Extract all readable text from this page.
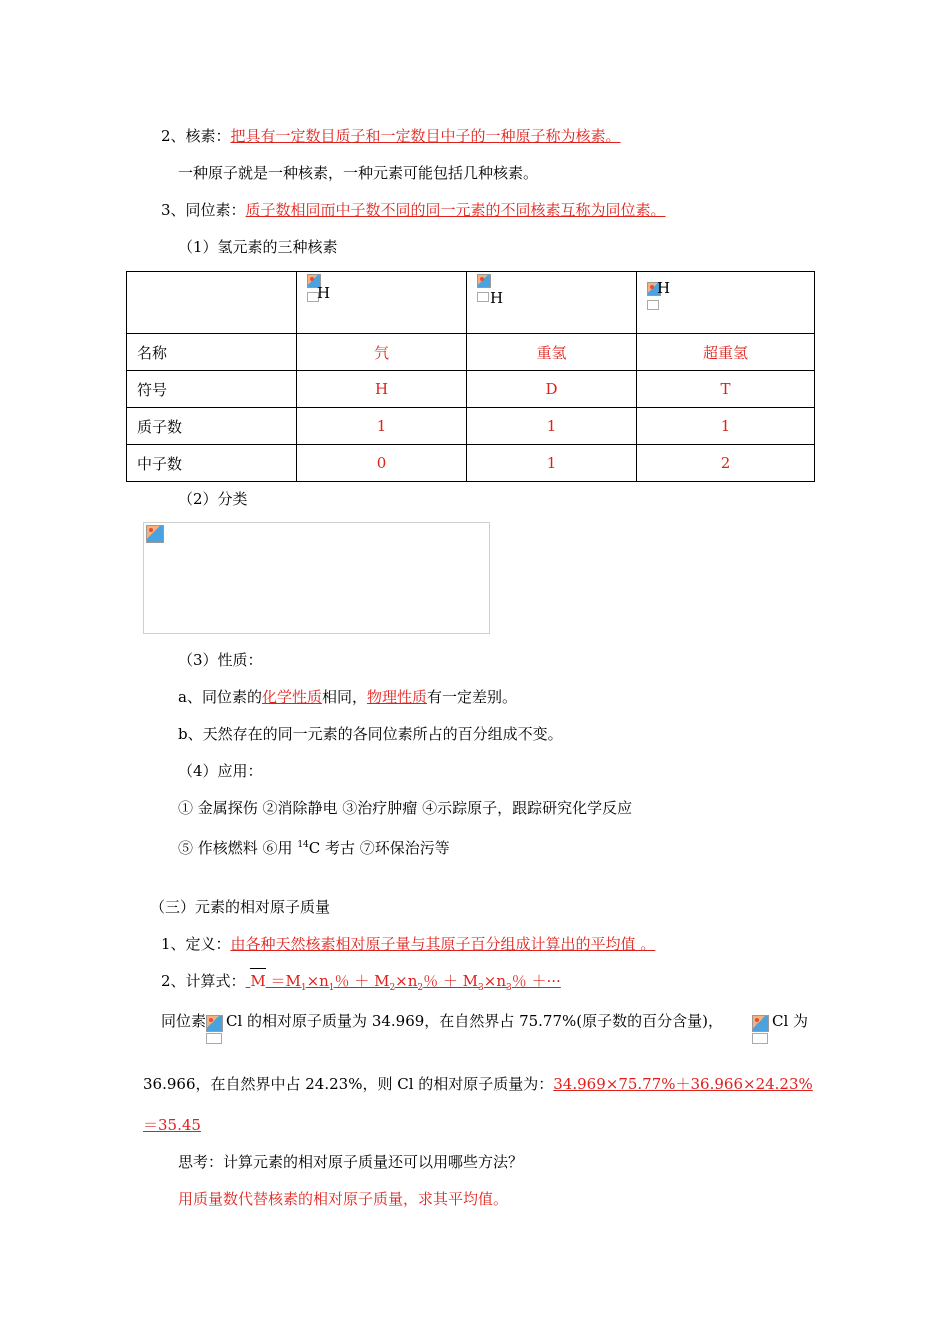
2、核素：把具有一定数目质子和一定数目中子的一种原子称为核素。
一种原子就是一种核素，一种元素可能包括几种核素。
3、同位素：质子数相同而中子数不同的同一元素的不同核素互称为同位素。
（1）氢元素的三种核素

	H	H	H

名称	氕	重氢	超重氢
符号	H	D	T
质子数	1	1	1
中子数	0	1	2
（2）分类
（3）性质：
a、同位素的化学性质相同，物理性质有一定差别。
b、天然存在的同一元素的各同位素所占的百分组成不变。
（4）应用：
① 金属探伤 ②消除静电 ③治疗肿瘤 ④示踪原子，跟踪研究化学反应
⑤ 作核燃料 ⑥用 $^{14}$C 考古 ⑦环保治污等
（三）元素的相对原子质量
1、定义：由各种天然核素相对原子量与其原子百分组成计算出的平均值 。
2、计算式： $M =M_1\times n_1$％ ＋ $M_2\times n_2$％ ＋ $M_3\times n_3$％ ＋···
同位素 Cl 的相对原子质量为 34.969，在自然界占 75.77%(原子数的百分含量)，	Cl 为
36.966，在自然界中占 24.23%，则 Cl 的相对原子质量为：34.969×75.77%＋36.966×24.23%
＝35.45
思考：计算元素的相对原子质量还可以用哪些方法？
用质量数代替核素的相对原子质量，求其平均值。
